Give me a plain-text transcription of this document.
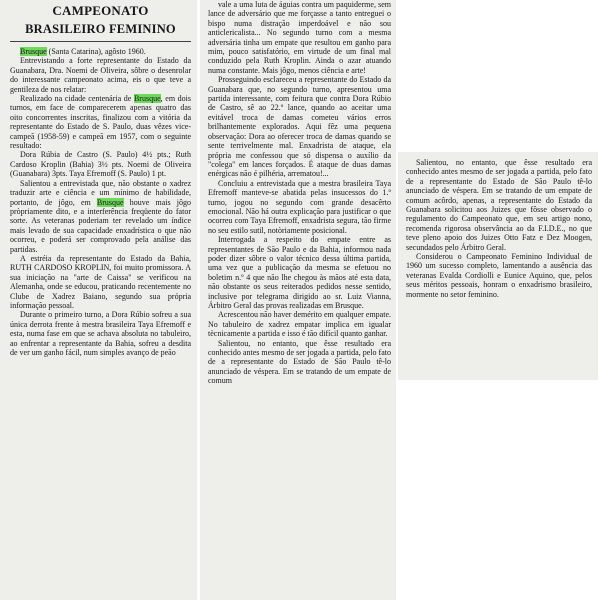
CAMPEONATO
BRASILEIRO FEMININO

Brusque (Santa Catarina), agôsto 1960.

Entrevistando a forte representante do Estado da Guanabara, Dra. Noemi de Oliveira, sôbre o desenrolar do interessante campeonato acima, eis o que teve a gentileza de nos relatar:

Realizado na cidade centenária de Brusque, em dois turnos, em face de comparecerem apenas quatro das oito concorrentes inscritas, finalizou com a vitória da representante do Estado de S. Paulo, duas vêzes vice-campeã (1958-59) e campeã em 1957, com o seguinte resultado:

Dora Rúbia de Castro (S. Paulo) 4½ pts.; Ruth Cardoso Kroplin (Bahia) 3½ pts. Noemi de Oliveira (Guanabara) 3pts. Taya Efremoff (S. Paulo) 1 pt.

Salientou a entrevistada que, não obstante o xadrez traduzir arte e ciência e um mínimo de habilidade, portanto, de jôgo, em Brusque houve mais jôgo pròpriamente dito, e a interferência freqüente do fator sorte. As veteranas poderiam ter revelado um índice mais levado de sua capacidade enxadrística o que não ocorreu, e poderá ser comprovado pela análise das partidas.

A estréia da representante do Estado da Bahia, RUTH CARDOSO KROPLIN, foi muito promissora. A sua iniciação na "arte de Caissa" se verificou na Alemanha, onde se educou, praticando recentemente no Clube de Xadrez Baiano, segundo sua própria informação pessoal.

Durante o primeiro turno, a Dora Rúbio sofreu a sua única derrota frente à mestra brasileira Taya Efremoff e esta, numa fase em que se achava absoluta no tabuleiro, ao enfrentar a representante da Bahia, sofreu a desdita de ver um ganho fácil, num simples avanço de peão

vale a uma luta de águias contra um paquiderme, sem lance de adversário que me forçasse a tanto entreguei o bispo numa distração imperdoável e não sou anticlericalista... No segundo turno com a mesma adversária tinha um empate que resultou em ganho para mim, pouco satisfatório, em virtude de um final mal conduzido pela Ruth Kroplin. Ainda o azar atuando numa constante. Mais jôgo, menos ciência e arte!

Prosseguindo esclareceu a representante do Estado da Guanabara que, no segundo turno, apresentou uma partida interessante, com feitura que contra Dora Rúbio de Castro, sê ao 22.º lance, quando ao aceitar uma evitável troca de damas cometeu vários erros brilhantemente explorados. Aqui fêz uma pequena observação: Dora ao oferecer troca de damas quando se sente terrivelmente mal. Enxadrista de ataque, ela própria me confessou que só dispensa o auxílio da "colega" em lances forçados. É ataque de duas damas enérgicas não é pilhéria, arrematou!...

Concluiu a entrevistada que a mestra brasileira Taya Efremoff manteve-se abatida pelas insucessos do 1.º turno, jogou no segundo com grande desacêrto emocional. Não há outra explicação para justificar o que ocorreu com Taya Efremoff, enxadrista segura, tão firme no seu estilo sutil, notòriamente posicional.

Interrogada a respeito do empate entre as representantes de São Paulo e da Bahia, informou nada poder dizer sôbre o valor técnico dessa última partida, uma vez que a publicação da mesma se efetuou no boletim n.º 4 que não lhe chegou às mãos até esta data, não obstante os seus reiterados pedidos nesse sentido, inclusive por telegrama dirigido ao sr. Luiz Vianna, Árbitro Geral das provas realizadas em Brusque.

Acrescentou não haver demérito em qualquer empate. No tabuleiro de xadrez empatar implica em igualar tècnicamente a partida e isso é tão difícil quanto ganhar.

Salientou, no entanto, que êsse resultado era conhecido antes mesmo de ser jogada a partida, pelo fato de a representante do Estado de São Paulo tê-lo anunciado de véspera. Em se tratando de um empate de comum

Salientou, no entanto, que êsse resultado era conhecido antes mesmo de ser jogada a partida, pelo fato de a representante do Estado de São Paulo tê-lo anunciado de véspera. Em se tratando de um empate de comum acôrdo, apenas, a representante do Estado da Guanabara solicitou aos Juizes que fôsse observado o regulamento do Campeonato que, em seu artigo nono, recomenda rigorosa observância ao da F.I.D.E., no que teve pleno apoio dos Juizes Otto Fatz e Dez Moogen, secundados pelo Árbitro Geral.

Considerou o Campeonato Feminino Individual de 1960 um sucesso completo, lamentando a ausência das veteranas Evalda Cordiolli e Eunice Aquino, que, pelos seus méritos pessoais, honram o enxadrismo brasileiro, mormente no setor feminino.
